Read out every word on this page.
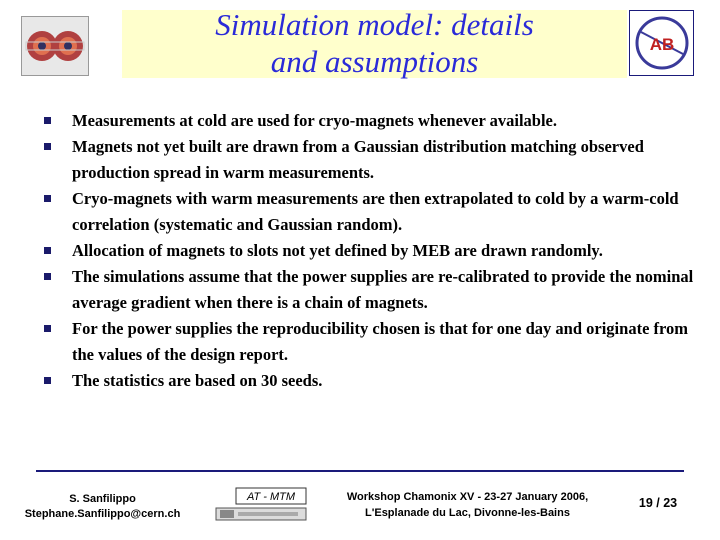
Simulation model: details
and assumptions	AB
Measurements at cold are used for cryo-magnets whenever available.
Magnets not yet built are drawn from a Gaussian distribution matching observed production spread in warm measurements.
Cryo-magnets with warm measurements are then extrapolated to cold by a warm-cold correlation (systematic and Gaussian random).
Allocation of magnets to slots not yet defined by MEB are drawn randomly.
The simulations assume that the power supplies are re-calibrated to provide the nominal average gradient when there is a chain of magnets.
For the power supplies the reproducibility chosen is that for one day and originate from the values of the design report.
The statistics are based on 30 seeds.
S. Sanfilippo
Stephane.Sanfilippo@cern.ch
AT - MTM	Workshop Chamonix XV - 23-27 January 2006,
L'Esplanade du Lac, Divonne-les-Bains
19 / 23
